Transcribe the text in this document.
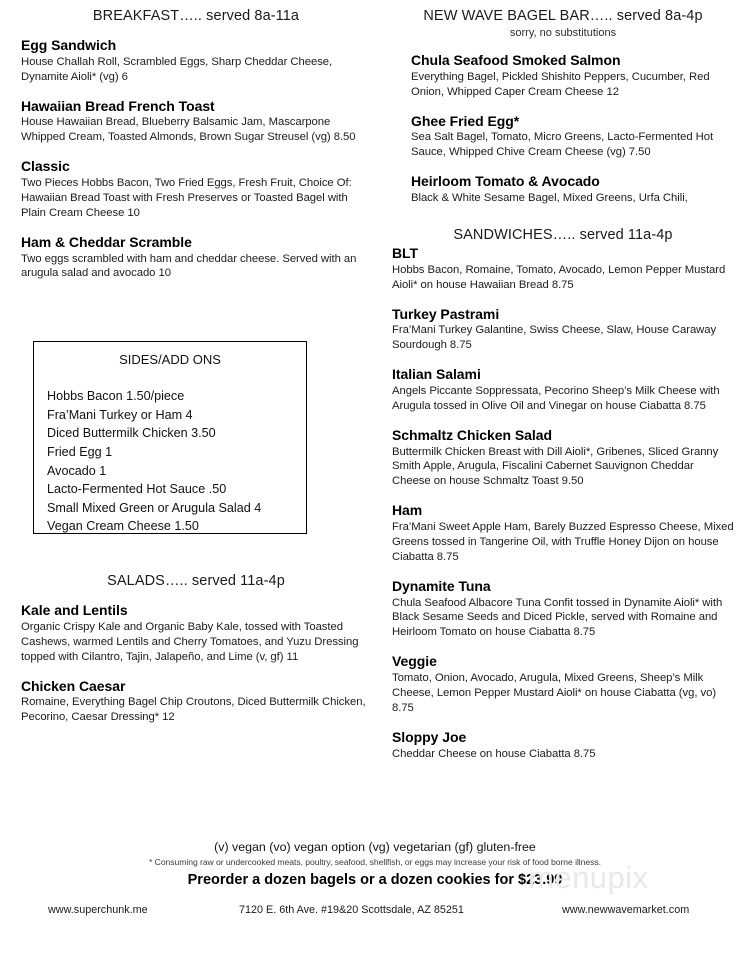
BREAKFAST….. served 8a-11a
Egg Sandwich
House Challah Roll, Scrambled Eggs, Sharp Cheddar Cheese, Dynamite Aioli* (vg) 6
Hawaiian Bread French Toast
House Hawaiian Bread, Blueberry Balsamic Jam, Mascarpone Whipped Cream, Toasted Almonds, Brown Sugar Streusel (vg) 8.50
Classic
Two Pieces Hobbs Bacon, Two Fried Eggs, Fresh Fruit, Choice Of: Hawaiian Bread Toast with Fresh Preserves or Toasted Bagel with Plain Cream Cheese 10
Ham & Cheddar Scramble
Two eggs scrambled with ham and cheddar cheese. Served with an arugula salad and avocado 10
SIDES/ADD ONS
Hobbs Bacon 1.50/piece
Fra’Mani Turkey or Ham 4
Diced Buttermilk Chicken 3.50
Fried Egg 1
Avocado 1
Lacto-Fermented Hot Sauce .50
Small Mixed Green or Arugula Salad 4
Vegan Cream Cheese 1.50
SALADS….. served 11a-4p
Kale and Lentils
Organic Crispy Kale and Organic Baby Kale, tossed with Toasted Cashews, warmed Lentils and Cherry Tomatoes, and Yuzu Dressing topped with Cilantro, Tajin, Jalapeño, and Lime (v, gf) 11
Chicken Caesar
Romaine, Everything Bagel Chip Croutons, Diced Buttermilk Chicken, Pecorino, Caesar Dressing* 12
NEW WAVE BAGEL BAR….. served 8a-4p
sorry, no substitutions
Chula Seafood Smoked Salmon
Everything Bagel, Pickled Shishito Peppers, Cucumber, Red Onion, Whipped Caper Cream Cheese 12
Ghee Fried Egg*
Sea Salt Bagel, Tomato, Micro Greens, Lacto-Fermented Hot Sauce, Whipped Chive Cream Cheese (vg) 7.50
Heirloom Tomato & Avocado
Black & White Sesame Bagel, Mixed Greens, Urfa Chili,
SANDWICHES….. served 11a-4p
BLT
Hobbs Bacon, Romaine, Tomato, Avocado, Lemon Pepper Mustard Aioli* on house Hawaiian Bread 8.75
Turkey Pastrami
Fra’Mani Turkey Galantine, Swiss Cheese, Slaw, House Caraway Sourdough 8.75
Italian Salami
Angels Piccante Soppressata, Pecorino Sheep’s Milk Cheese with Arugula tossed in Olive Oil and Vinegar on house Ciabatta 8.75
Schmaltz Chicken Salad
Buttermilk Chicken Breast with Dill Aioli*, Gribenes, Sliced Granny Smith Apple, Arugula, Fiscalini Cabernet Sauvignon Cheddar Cheese on house Schmaltz Toast 9.50
Ham
Fra’Mani Sweet Apple Ham, Barely Buzzed Espresso Cheese, Mixed Greens tossed in Tangerine Oil, with Truffle Honey Dijon on house Ciabatta 8.75
Dynamite Tuna
Chula Seafood Albacore Tuna Confit tossed in Dynamite Aioli* with Black Sesame Seeds and Diced Pickle, served with Romaine and Heirloom Tomato on house Ciabatta 8.75
Veggie
Tomato, Onion, Avocado, Arugula, Mixed Greens, Sheep’s Milk Cheese, Lemon Pepper Mustard Aioli* on house Ciabatta (vg, vo) 8.75
Sloppy Joe
Cheddar Cheese on house Ciabatta 8.75
(v) vegan (vo) vegan option (vg) vegetarian (gf) gluten-free
* Consuming raw or undercooked meats, poultry, seafood, shellfish, or eggs may increase your risk of food borne illness.
Preorder a dozen bagels or a dozen cookies for $23.99
menupix
www.superchunk.me	7120 E. 6th Ave. #19&20 Scottsdale, AZ 85251	www.newwavemarket.com
